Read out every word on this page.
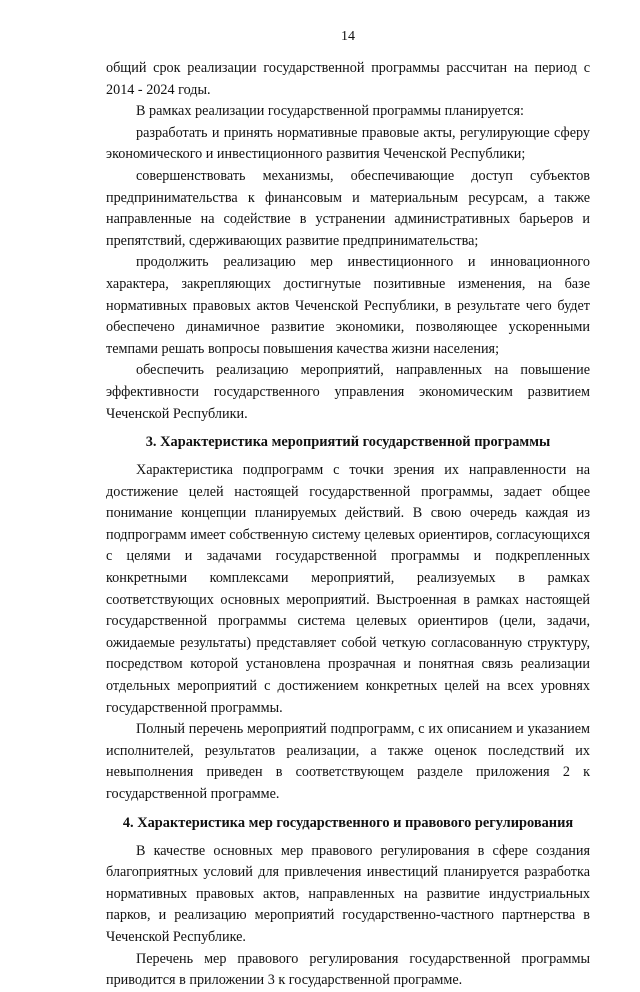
14

общий срок реализации государственной программы рассчитан на период с 2014 - 2024 годы.

В рамках реализации государственной программы планируется:

разработать и принять нормативные правовые акты, регулирующие сферу экономического и инвестиционного развития Чеченской Республики;

совершенствовать механизмы, обеспечивающие доступ субъектов предпринимательства к финансовым и материальным ресурсам, а также направленные на содействие в устранении административных барьеров и препятствий, сдерживающих развитие предпринимательства;

продолжить реализацию мер инвестиционного и инновационного характера, закрепляющих достигнутые позитивные изменения, на базе нормативных правовых актов Чеченской Республики, в результате чего будет обеспечено динамичное развитие экономики, позволяющее ускоренными темпами решать вопросы повышения качества жизни населения;

обеспечить реализацию мероприятий, направленных на повышение эффективности государственного управления экономическим развитием Чеченской Республики.

3. Характеристика мероприятий государственной программы

Характеристика подпрограмм с точки зрения их направленности на достижение целей настоящей государственной программы, задает общее понимание концепции планируемых действий. В свою очередь каждая из подпрограмм имеет собственную систему целевых ориентиров, согласующихся с целями и задачами государственной программы и подкрепленных конкретными комплексами мероприятий, реализуемых в рамках соответствующих основных мероприятий. Выстроенная в рамках настоящей государственной программы система целевых ориентиров (цели, задачи, ожидаемые результаты) представляет собой четкую согласованную структуру, посредством которой установлена прозрачная и понятная связь реализации отдельных мероприятий с достижением конкретных целей на всех уровнях государственной программы.

Полный перечень мероприятий подпрограмм, с их описанием и указанием исполнителей, результатов реализации, а также оценок последствий их невыполнения приведен в соответствующем разделе приложения 2 к государственной программе.

4. Характеристика мер государственного и правового регулирования

В качестве основных мер правового регулирования в сфере создания благоприятных условий для привлечения инвестиций планируется разработка нормативных правовых актов, направленных на развитие индустриальных парков, и реализацию мероприятий государственно-частного партнерства в Чеченской Республике.

Перечень мер правового регулирования государственной программы приводится в приложении 3 к государственной программе.
